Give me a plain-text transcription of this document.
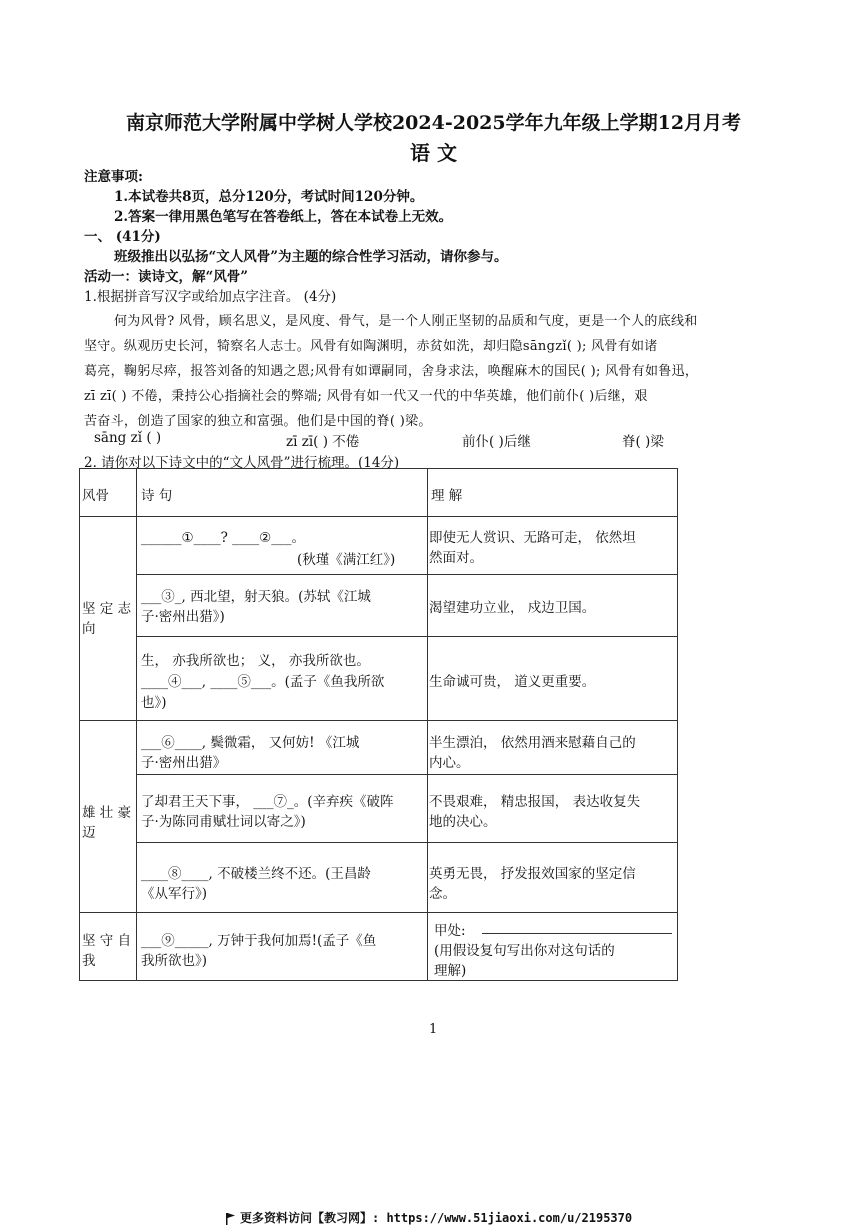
南京师范大学附属中学树人学校2024-2025学年九年级上学期12月月考
语 文
注意事项:
1.本试卷共8页，总分120分，考试时间120分钟。
2.答案一律用黑色笔写在答卷纸上，答在本试卷上无效。
一、 (41分)
班级推出以弘扬“文人风骨”为主题的综合性学习活动，请你参与。
活动一：读诗文，解“风骨”
1.根据拼音写汉字或给加点字注音。 (4分)
何为风骨? 风骨，顾名思义，是风度、骨气，是一个人刚正坚韧的品质和气度，更是一个人的底线和
坚守。纵观历史长河，犄察名人志士。风骨有如陶渊明，赤贫如洗，却归隐sāngzǐ( ); 风骨有如诸
葛亮，鞠躬尽瘁，报答刘备的知遇之恩;风骨有如谭嗣同，舍身求法，唤醒麻木的国民( ); 风骨有如鲁迅，
zī zī( ) 不倦，秉持公心指摘社会的弊端; 风骨有如一代又一代的中华英雄，他们前仆( )后继，艰
苦奋斗，创造了国家的独立和富强。他们是中国的脊( )梁。
sāng zǐ ( )	zī zī( ) 不倦	前仆( )后继	脊( )梁
2. 请你对以下诗文中的“文人风骨”进行梳理。(14分)
风骨	诗 句	理 解

坚 定 志
向	______①____? ____②___。
(秋瑾《满江红》)	即使无人赏识、无路可走， 依然坦
然面对。

	___③_, 西北望，射天狼。(苏轼《江城
子·密州出猎》)	渴望建功立业， 戍边卫国。

	生， 亦我所欲也； 义， 亦我所欲也。
____④___, ____⑤___。(孟子《鱼我所欲
也》)	生命诚可贵， 道义更重要。

雄 壮 豪
迈	___⑥____, 鬓微霜， 又何妨! 《江城
子·密州出猎》	半生漂泊， 依然用酒来慰藉自己的
内心。

	了却君王天下事， ___⑦_。(辛弃疾《破阵
子·为陈同甫赋壮词以寄之》)	不畏艰难， 精忠报国， 表达收复失
地的决心。

	____⑧____, 不破楼兰终不还。(王昌龄
《从军行》)	英勇无畏， 抒发报效国家的坚定信
念。

坚 守 自
我	___⑨_____, 万钟于我何加焉!(孟子《鱼
我所欲也》)	甲处:
(用假设复句写出你对这句话的
理解)
1
更多资料访问【教习网】: https://www.51jiaoxi.com/u/2195370
